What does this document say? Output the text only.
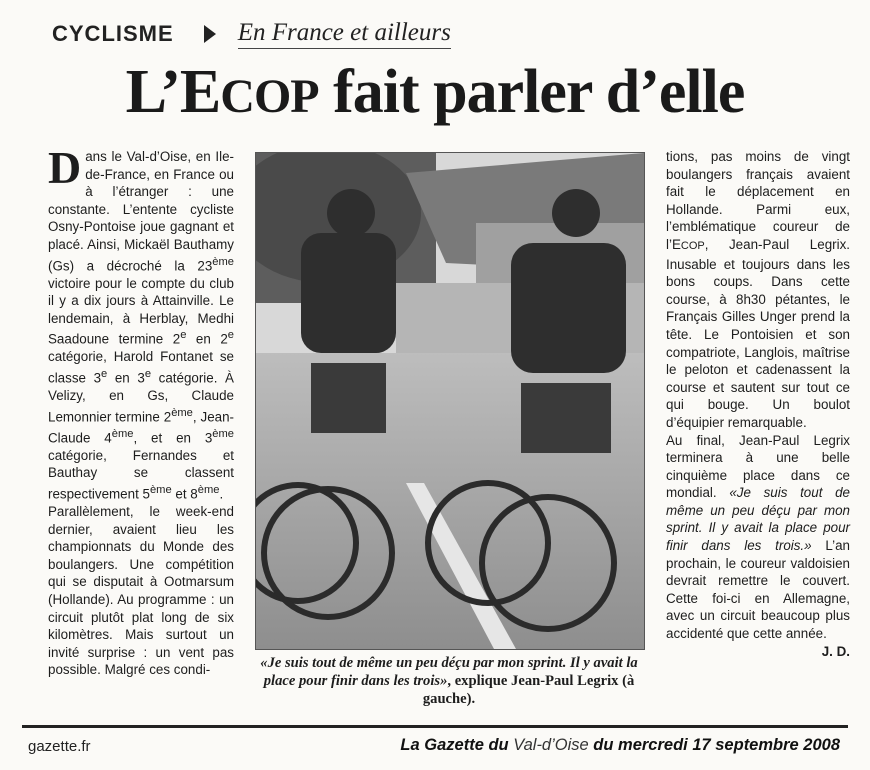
CYCLISME	En France et ailleurs
L’ECOP fait parler d’elle

Dans le Val-d’Oise, en Ile-de-France, en France ou à l’étranger : une constante. L’entente cycliste Osny-Pontoise joue gagnant et placé. Ainsi, Mickaël Bauthamy (Gs) a décroché la 23ème victoire pour le compte du club il y a dix jours à Attainville. Le lendemain, à Herblay, Medhi Saadoune termine 2e en 2e catégorie, Harold Fontanet se classe 3e en 3e catégorie. À Velizy, en Gs, Claude Lemonnier termine 2ème, Jean-Claude 4ème, et en 3ème catégorie, Fernandes et Bauthay se classent respectivement 5ème et 8ème.

Parallèlement, le week-end dernier, avaient lieu les championnats du Monde des boulangers. Une compétition qui se disputait à Ootmarsum (Hollande). Au programme : un circuit plutôt plat long de six kilomètres. Mais surtout un invité surprise : un vent pas possible. Malgré ces condi-	«Je suis tout de même un peu déçu par mon sprint. Il y avait la place pour finir dans les trois», explique Jean-Paul Legrix (à gauche).

tions, pas moins de vingt boulangers français avaient fait le déplacement en Hollande. Parmi eux, l’emblématique coureur de l’ECOP, Jean-Paul Legrix. Inusable et toujours dans les bons coups. Dans cette course, à 8h30 pétantes, le Français Gilles Unger prend la tête. Le Pontoisien et son compatriote, Langlois, maîtrise le peloton et cadenassent la course et sautent sur tout ce qui bouge. Un boulot d’équipier remarquable.

Au final, Jean-Paul Legrix terminera à une belle cinquième place dans ce mondial. «Je suis tout de même un peu déçu par mon sprint. Il y avait la place pour finir dans les trois.» L’an prochain, le coureur valdoisien devrait remettre le couvert. Cette foi-ci en Allemagne, avec un circuit beaucoup plus accidenté que cette année.

J. D.

gazette.fr	La Gazette du Val-d’Oise du mercredi 17 septembre 2008
